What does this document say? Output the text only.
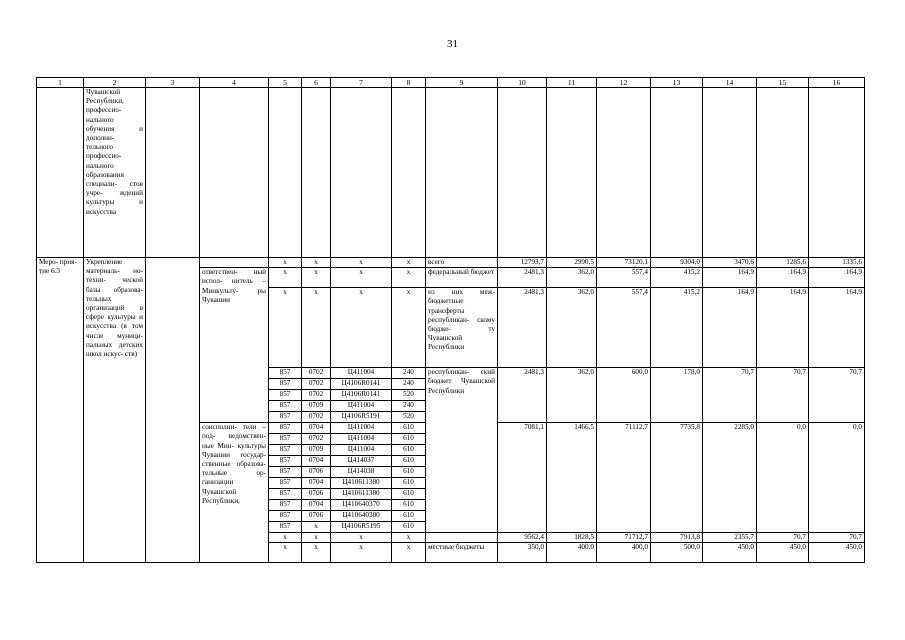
31
1	2	3	4	5	6	7	8	9	10	11	12	13	14	15	16
	Чувашской Республики, профессио- нального обучения и дополни- тельного профессио- нального образования специали- стов учре- ждений культуры и искусства														
Меро- прия- тие 6.3	Укрепление материаль- но-техни- ческой базы образова- тельных организаций в сфере культуры и искусства (в том числе муници- пальных детских школ искус- ств)			x	x	x	x	всего	12793,7	2990,5	73120,1	9304,0	3470,6	1285,6	1335,6
			ответствен- ный испол- нитель – Минкульту- ры Чувашии	x	x	x	x	федеральный бюджет	2481,3	362,0	557,4	415,2	164,9	164,9	164,9
				x	x	x	x	из них меж- бюджетные трансферты республикан- скому бюдже- ту Чувашской Республики	2481,3	362,0	557,4	415,2	164,9	164,9	164,9
				857	0702	Ц411004	240	республикан- ский бюджет Чувашской Республики	2481,3	362,0	600,0	178,0	70,7	70,7	70,7
				857	0702	Ц4106R0141	240								
				857	0702	Ц4106R0141	520								
				857	0709	Ц411004	240								
				857	0702	Ц4106R5191	520								
			соисполни- тели – под- ведомствен- ные Мин- культуры Чувашии государ- ственные образова- тельные ор- ганизации Чувашской Республики,	857	0704	Ц411004	610		7081,1	1466,5	71112,7	7735,8	2285,0	0,0	0,0
				857	0702	Ц411004	610								
				857	0709	Ц411004	610								
				857	0704	Ц414037	610								
				857	0706	Ц414038	610								
				857	0704	Ц410611380	610								
				857	0706	Ц410611380	610								
				857	0704	Ц410640370	610								
				857	0706	Ц410640380	610								
				857	x	Ц4106R5195	610								
				x	x	x	x		9562,4	1828,5	71712,7	7913,8	2355,7	70,7	70,7
				x	x	x	x	местные бюджеты	350,0	400,0	400,0	500,0	450,0	450,0	450,0
